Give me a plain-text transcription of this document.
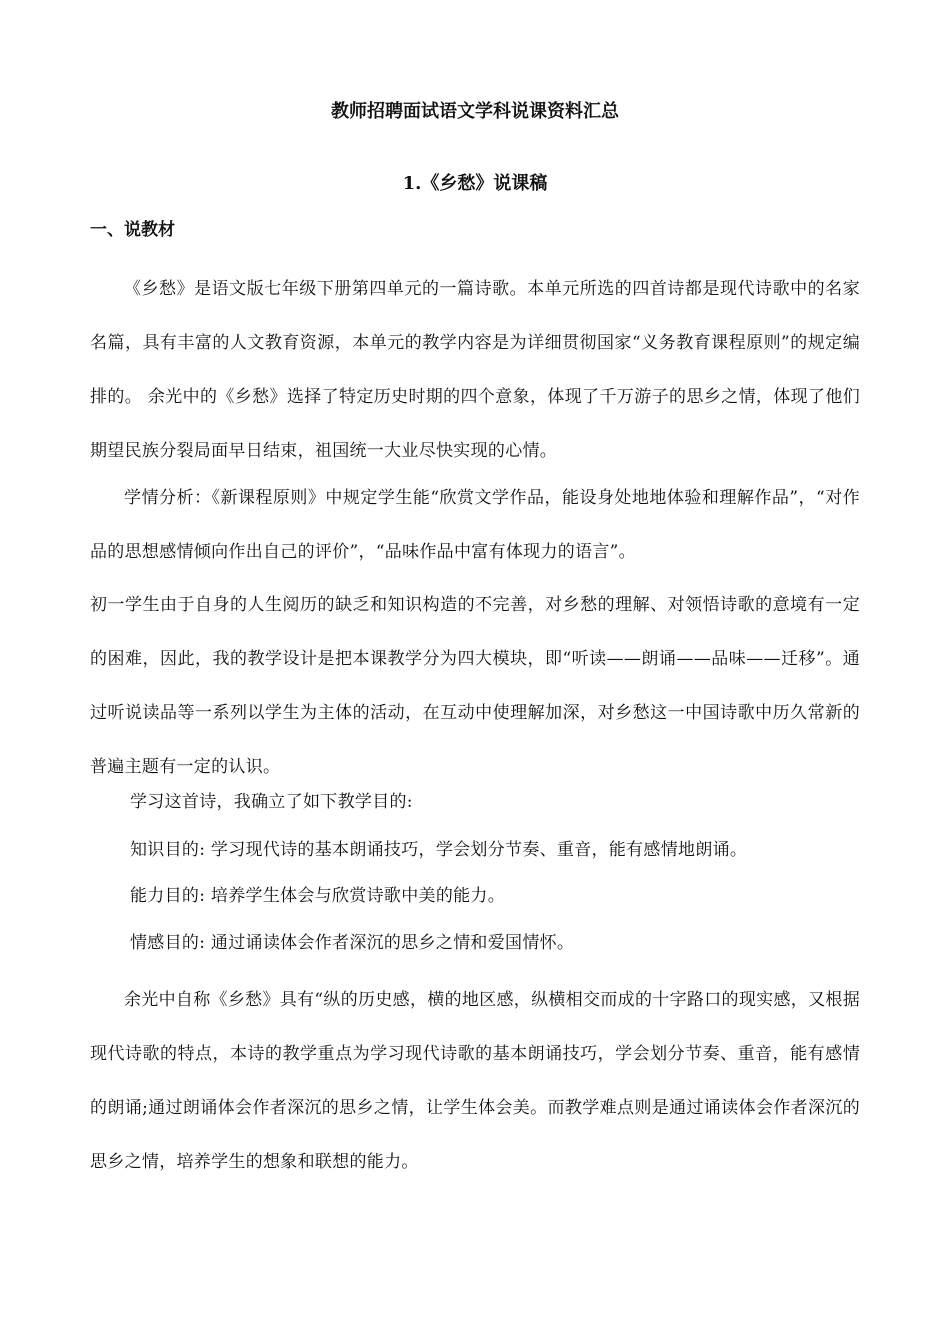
教师招聘面试语文学科说课资料汇总
1.《乡愁》说课稿
一、说教材

《乡愁》是语文版七年级下册第四单元的一篇诗歌。本单元所选的四首诗都是现代诗歌中的名家名篇，具有丰富的人文教育资源，本单元的教学内容是为详细贯彻国家“义务教育课程原则”的规定编排的。 余光中的《乡愁》选择了特定历史时期的四个意象，体现了千万游子的思乡之情，体现了他们期望民族分裂局面早日结束，祖国统一大业尽快实现的心情。

学情分析：《新课程原则》中规定学生能“欣赏文学作品，能设身处地地体验和理解作品”，“对作品的思想感情倾向作出自己的评价”，“品味作品中富有体现力的语言”。

初一学生由于自身的人生阅历的缺乏和知识构造的不完善，对乡愁的理解、对领悟诗歌的意境有一定的困难，因此，我的教学设计是把本课教学分为四大模块，即“听读——朗诵——品味——迁移”。通过听说读品等一系列以学生为主体的活动，在互动中使理解加深，对乡愁这一中国诗歌中历久常新的普遍主题有一定的认识。

学习这首诗，我确立了如下教学目的:

知识目的: 学习现代诗的基本朗诵技巧，学会划分节奏、重音，能有感情地朗诵。

能力目的: 培养学生体会与欣赏诗歌中美的能力。

情感目的: 通过诵读体会作者深沉的思乡之情和爱国情怀。

余光中自称《乡愁》具有“纵的历史感，横的地区感，纵横相交而成的十字路口的现实感，又根据现代诗歌的特点，本诗的教学重点为学习现代诗歌的基本朗诵技巧，学会划分节奏、重音，能有感情的朗诵;通过朗诵体会作者深沉的思乡之情，让学生体会美。而教学难点则是通过诵读体会作者深沉的思乡之情，培养学生的想象和联想的能力。
